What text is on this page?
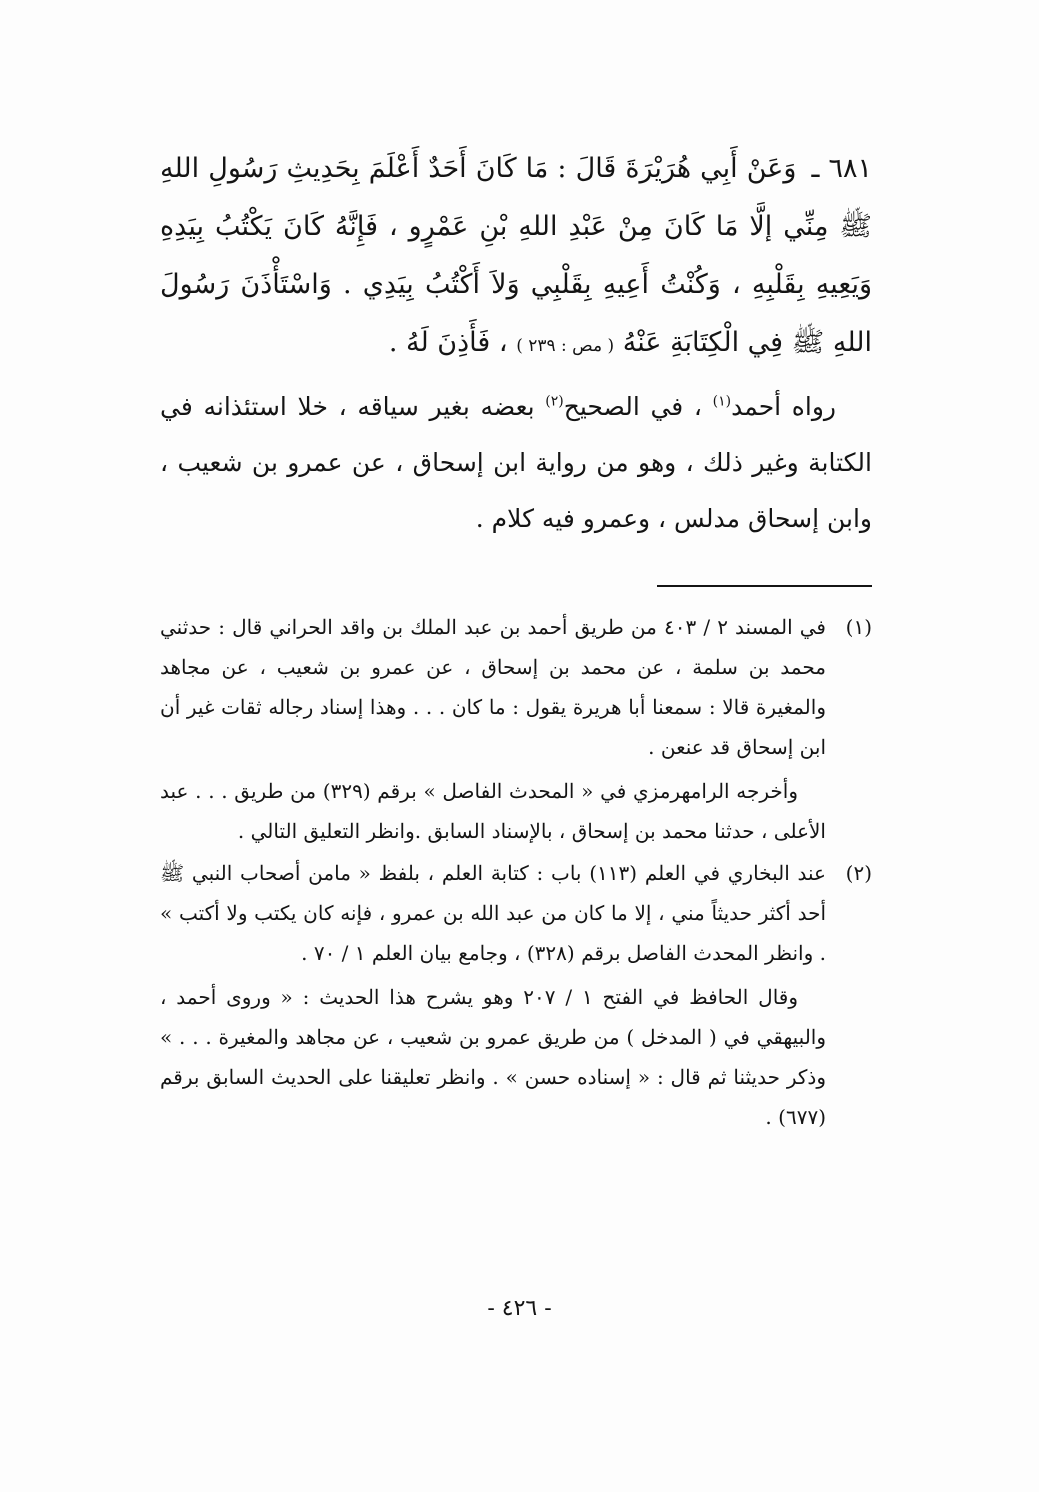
٦٨١ ـ وَعَنْ أَبِي هُرَيْرَةَ قَالَ : مَا كَانَ أَحَدٌ أَعْلَمَ بِحَدِيثِ رَسُولِ اللهِ ﷺ مِنِّي إلَّا مَا كَانَ مِنْ عَبْدِ اللهِ بْنِ عَمْرٍو ، فَإِنَّهُ كَانَ يَكْتُبُ بِيَدِهِ وَيَعِيهِ بِقَلْبِهِ ، وَكُنْتُ أَعِيهِ بِقَلْبِي وَلاَ أَكْتُبُ بِيَدِي . وَاسْتَأْذَنَ رَسُولَ اللهِ ﷺ فِي الْكِتَابَةِ عَنْهُ ( مص : ٢٣٩ ) ، فَأَذِنَ لَهُ .

رواه أحمد$^{(١)}$ ، في الصحيح$^{(٢)}$ بعضه بغير سياقه ، خلا استئذانه في الكتابة وغير ذلك ، وهو من رواية ابن إسحاق ، عن عمرو بن شعيب ، وابن إسحاق مدلس ، وعمرو فيه كلام .

(١)

في المسند ٢ / ٤٠٣ من طريق أحمد بن عبد الملك بن واقد الحراني قال : حدثني محمد بن سلمة ، عن محمد بن إسحاق ، عن عمرو بن شعيب ، عن مجاهد والمغيرة قالا : سمعنا أبا هريرة يقول : ما كان . . . وهذا إسناد رجاله ثقات غير أن ابن إسحاق قد عنعن .

وأخرجه الرامهرمزي في « المحدث الفاصل » برقم (٣٢٩) من طريق . . . عبد الأعلى ، حدثنا محمد بن إسحاق ، بالإسناد السابق .وانظر التعليق التالي .

(٢)

عند البخاري في العلم (١١٣) باب : كتابة العلم ، بلفظ « مامن أصحاب النبي ﷺ أحد أكثر حديثاً مني ، إلا ما كان من عبد الله بن عمرو ، فإنه كان يكتب ولا أكتب » . وانظر المحدث الفاصل برقم (٣٢٨) ، وجامع بيان العلم ١ / ٧٠ .

وقال الحافظ في الفتح ١ / ٢٠٧ وهو يشرح هذا الحديث : « وروى أحمد ، والبيهقي في ( المدخل ) من طريق عمرو بن شعيب ، عن مجاهد والمغيرة . . . » وذكر حديثنا ثم قال : « إسناده حسن » . وانظر تعليقنا على الحديث السابق برقم (٦٧٧) .

- ٤٢٦ -
